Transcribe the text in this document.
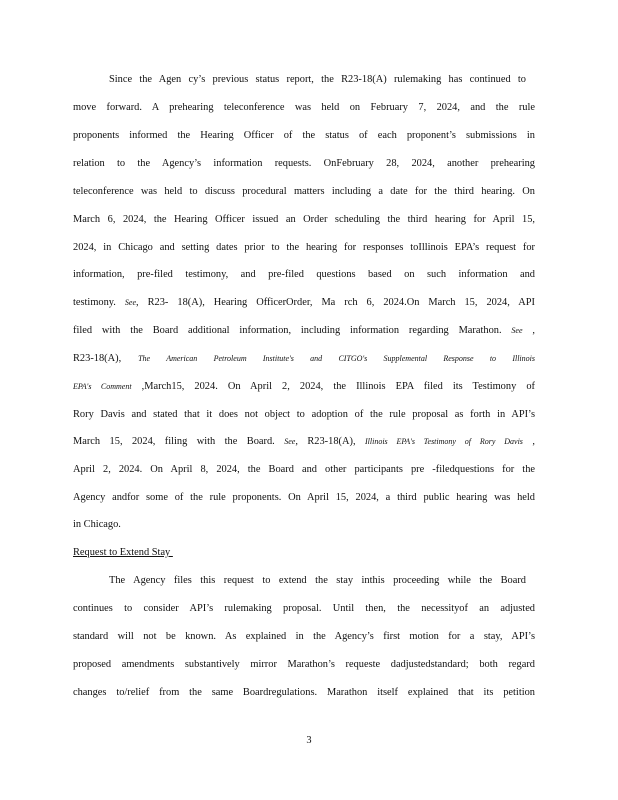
Since the Agen cy’s previous status report, the R23-18(A) rulemaking has continued to
move forward. A prehearing teleconference was held on February 7, 2024, and the rule
proponents informed the Hearing Officer of the status of each proponent’s submissions in
relation to the Agency’s information requests. OnFebruary 28, 2024, another prehearing
teleconference was held to discuss procedural matters including a date for the third hearing. On
March 6, 2024, the Hearing Officer issued an Order scheduling the third hearing for April 15,
2024, in Chicago and setting dates prior to the hearing for responses toIllinois EPA’s request for
information, pre-filed testimony, and pre-filed questions based on such information and
testimony. See, R23- 18(A), Hearing OfficerOrder, Ma rch 6, 2024.On March 15, 2024, API
filed with the Board additional information, including information regarding Marathon. See ,
R23-18(A), The American Petroleum Institute's and CITGO's Supplemental Response to Illinois
EPA's Comment ,March15, 2024. On April 2, 2024, the Illinois EPA filed its Testimony of
Rory Davis and stated that it does not object to adoption of the rule proposal as forth in API’s
March 15, 2024, filing with the Board. See, R23-18(A), Illinois EPA's Testimony of Rory Davis ,
April 2, 2024. On April 8, 2024, the Board and other participants pre -filedquestions for the
Agency andfor some of the rule proponents. On April 15, 2024, a third public hearing was held
in Chicago.
Request to Extend Stay
The Agency files this request to extend the stay inthis proceeding while the Board
continues to consider API’s rulemaking proposal. Until then, the necessityof an adjusted
standard will not be known. As explained in the Agency’s first motion for a stay, API’s
proposed amendments substantively mirror Marathon’s requeste dadjustedstandard; both regard
changes to/relief from the same Boardregulations. Marathon itself explained that its petition
3
